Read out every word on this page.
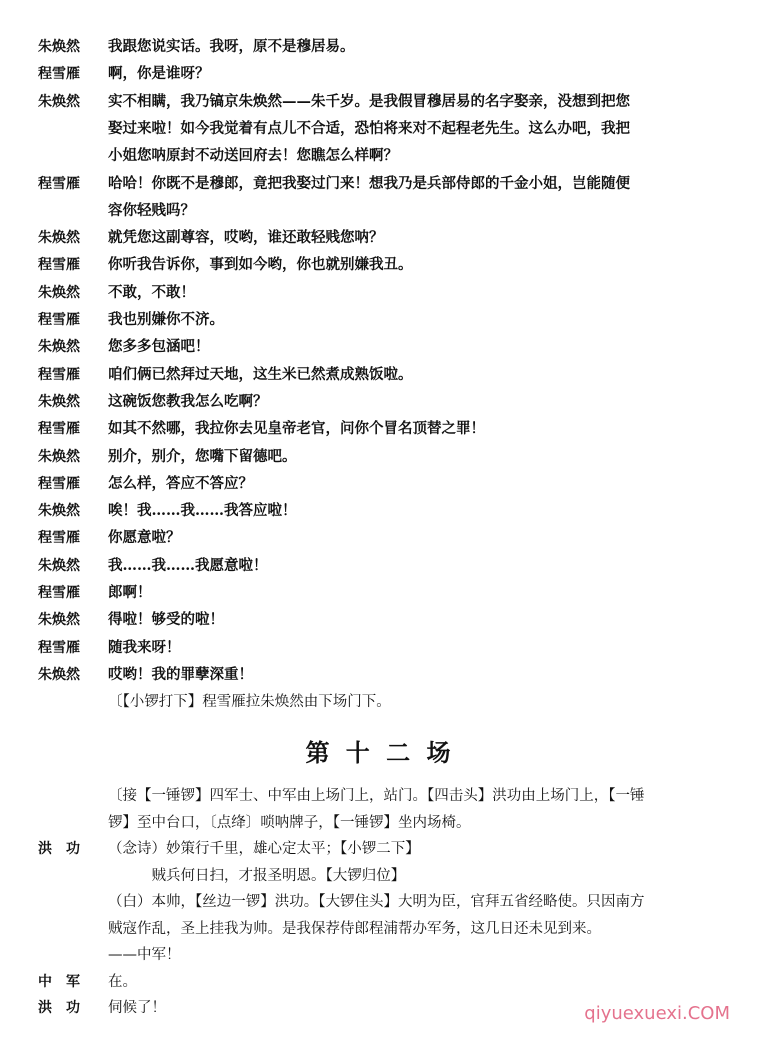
朱焕然 我跟您说实话。我呀，原不是穆居易。
程雪雁 啊，你是谁呀？
朱焕然 实不相瞒，我乃镐京朱焕然——朱千岁。是我假冒穆居易的名字娶亲，没想到把您
娶过来啦！如今我觉着有点儿不合适，恐怕将来对不起程老先生。这么办吧，我把
小姐您呐原封不动送回府去！您瞧怎么样啊？
程雪雁 哈哈！你既不是穆郎，竟把我娶过门来！想我乃是兵部侍郎的千金小姐，岂能随便
容你轻贱吗？
朱焕然 就凭您这副尊容，哎哟，谁还敢轻贱您呐？
程雪雁 你听我告诉你，事到如今哟，你也就别嫌我丑。
朱焕然 不敢，不敢！
程雪雁 我也别嫌你不济。
朱焕然 您多多包涵吧！
程雪雁 咱们俩已然拜过天地，这生米已然煮成熟饭啦。
朱焕然 这碗饭您教我怎么吃啊？
程雪雁 如其不然哪，我拉你去见皇帝老官，问你个冒名顶替之罪！
朱焕然 别介，别介，您嘴下留德吧。
程雪雁 怎么样，答应不答应？
朱焕然 唉！我……我……我答应啦！
程雪雁 你愿意啦？
朱焕然 我……我……我愿意啦！
程雪雁 郎啊！
朱焕然 得啦！够受的啦！
程雪雁 随我来呀！
朱焕然 哎哟！我的罪孽深重！
〔【小锣打下】程雪雁拉朱焕然由下场门下。
第 十 二 场
〔接【一锤锣】四军士、中军由上场门上，站门。【四击头】洪功由上场门上，【一锤
锣】至中台口，〔点绛〕唢呐牌子，【一锤锣】坐内场椅。
洪　功 （念诗）妙策行千里，雄心定太平；【小锣二下】
　　　贼兵何日扫，才报圣明恩。【大锣归位】
（白）本帅，【丝边一锣】洪功。【大锣住头】大明为臣，官拜五省经略使。只因南方
贼寇作乱，圣上挂我为帅。是我保荐侍郎程浦帮办军务，这几日还未见到来。
——中军！
中　军 在。
洪　功 伺候了！	qiyuexuexi.COM
